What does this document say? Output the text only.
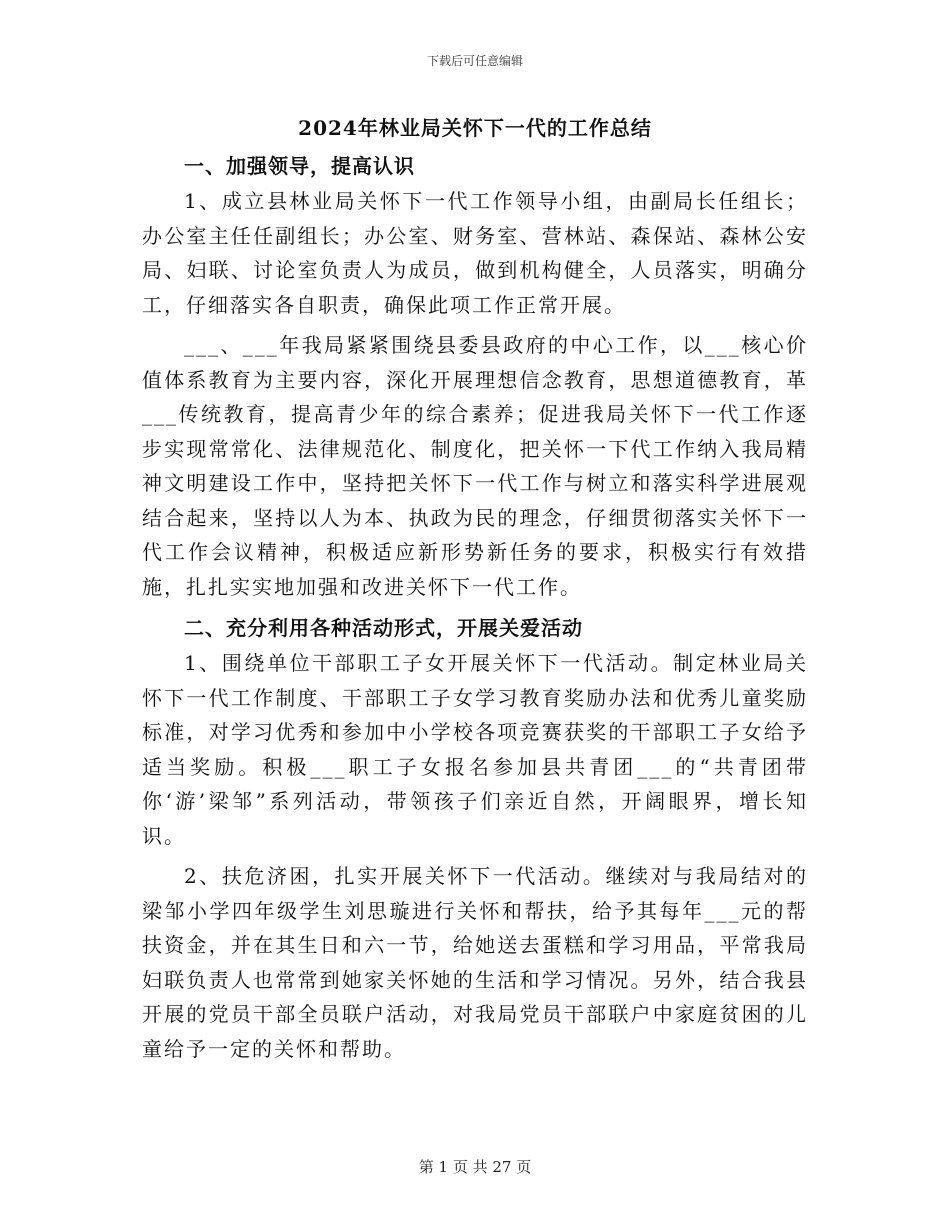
下载后可任意编辑
2024年林业局关怀下一代的工作总结

一、加强领导，提高认识

1、成立县林业局关怀下一代工作领导小组，由副局长任组长；办公室主任任副组长；办公室、财务室、营林站、森保站、森林公安局、妇联、讨论室负责人为成员，做到机构健全，人员落实，明确分工，仔细落实各自职责，确保此项工作正常开展。

___、___年我局紧紧围绕县委县政府的中心工作，以___核心价值体系教育为主要内容，深化开展理想信念教育，思想道德教育，革___传统教育，提高青少年的综合素养；促进我局关怀下一代工作逐步实现常常化、法律规范化、制度化，把关怀一下代工作纳入我局精神文明建设工作中，坚持把关怀下一代工作与树立和落实科学进展观结合起来，坚持以人为本、执政为民的理念，仔细贯彻落实关怀下一代工作会议精神，积极适应新形势新任务的要求，积极实行有效措施，扎扎实实地加强和改进关怀下一代工作。

二、充分利用各种活动形式，开展关爱活动

1、围绕单位干部职工子女开展关怀下一代活动。制定林业局关怀下一代工作制度、干部职工子女学习教育奖励办法和优秀儿童奖励标准，对学习优秀和参加中小学校各项竞赛获奖的干部职工子女给予适当奖励。积极___职工子女报名参加县共青团___的“共青团带你‘游’梁邹”系列活动，带领孩子们亲近自然，开阔眼界，增长知识。

2、扶危济困，扎实开展关怀下一代活动。继续对与我局结对的梁邹小学四年级学生刘思璇进行关怀和帮扶，给予其每年___元的帮扶资金，并在其生日和六一节，给她送去蛋糕和学习用品，平常我局妇联负责人也常常到她家关怀她的生活和学习情况。另外，结合我县开展的党员干部全员联户活动，对我局党员干部联户中家庭贫困的儿童给予一定的关怀和帮助。

第 1 页 共 27 页
